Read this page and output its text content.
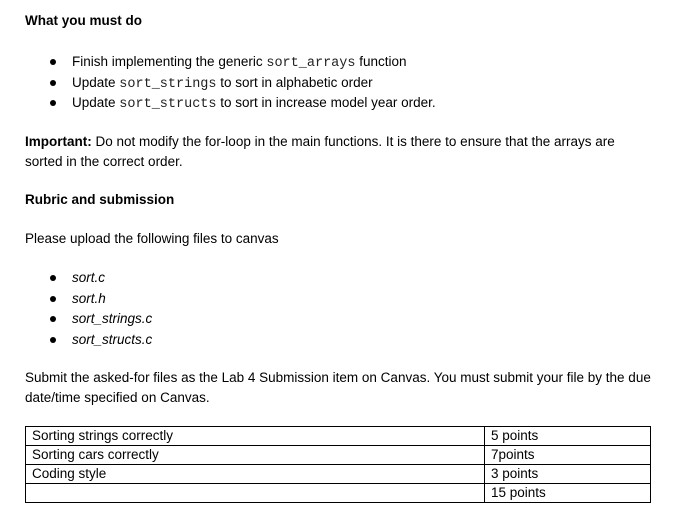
What you must do
Finish implementing the generic sort_arrays function
Update sort_strings to sort in alphabetic order
Update sort_structs to sort in increase model year order.
Important: Do not modify the for-loop in the main functions. It is there to ensure that the arrays are
sorted in the correct order.
Rubric and submission
Please upload the following files to canvas
sort.c
sort.h
sort_strings.c
sort_structs.c
Submit the asked-for files as the Lab 4 Submission item on Canvas. You must submit your file by the due
date/time specified on Canvas.
Sorting strings correctly	5 points
Sorting cars correctly	7points
Coding style	3 points
	15 points
